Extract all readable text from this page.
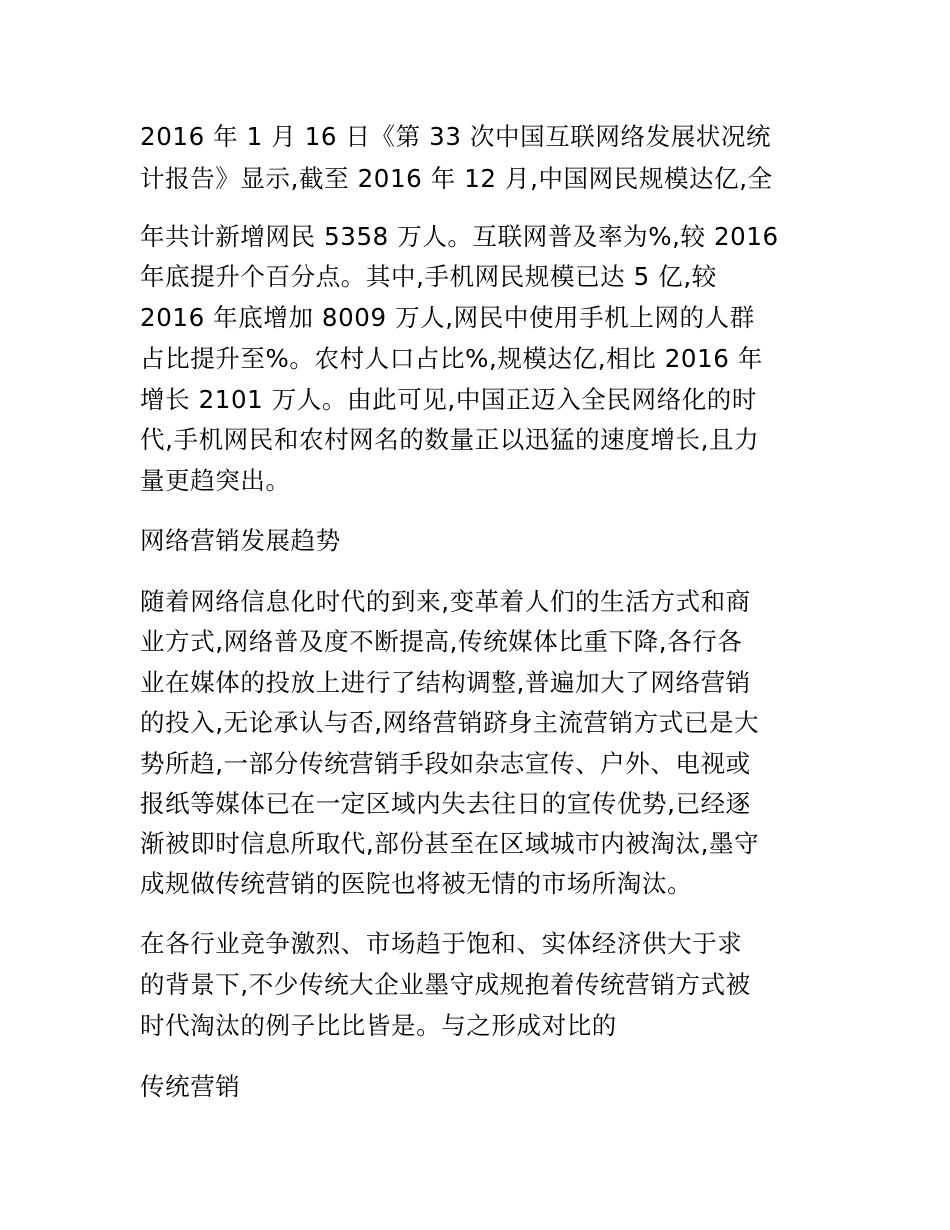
2016 年 1 月 16 日《第 33 次中国互联网络发展状况统

计报告》显示,截至 2016 年 12 月,中国网民规模达亿,全

年共计新增网民 5358 万人。互联网普及率为%,较 2016

年底提升个百分点。其中,手机网民规模已达 5 亿,较

2016 年底增加 8009 万人,网民中使用手机上网的人群

占比提升至%。农村人口占比%,规模达亿,相比 2016 年

增长 2101 万人。由此可见,中国正迈入全民网络化的时

代,手机网民和农村网名的数量正以迅猛的速度增长,且力

量更趋突出。

网络营销发展趋势

随着网络信息化时代的到来,变革着人们的生活方式和商

业方式,网络普及度不断提高,传统媒体比重下降,各行各

业在媒体的投放上进行了结构调整,普遍加大了网络营销

的投入,无论承认与否,网络营销跻身主流营销方式已是大

势所趋,一部分传统营销手段如杂志宣传、户外、电视或

报纸等媒体已在一定区域内失去往日的宣传优势,已经逐

渐被即时信息所取代,部份甚至在区域城市内被淘汰,墨守

成规做传统营销的医院也将被无情的市场所淘汰。

在各行业竞争激烈、市场趋于饱和、实体经济供大于求

的背景下,不少传统大企业墨守成规抱着传统营销方式被

时代淘汰的例子比比皆是。与之形成对比的

传统营销
